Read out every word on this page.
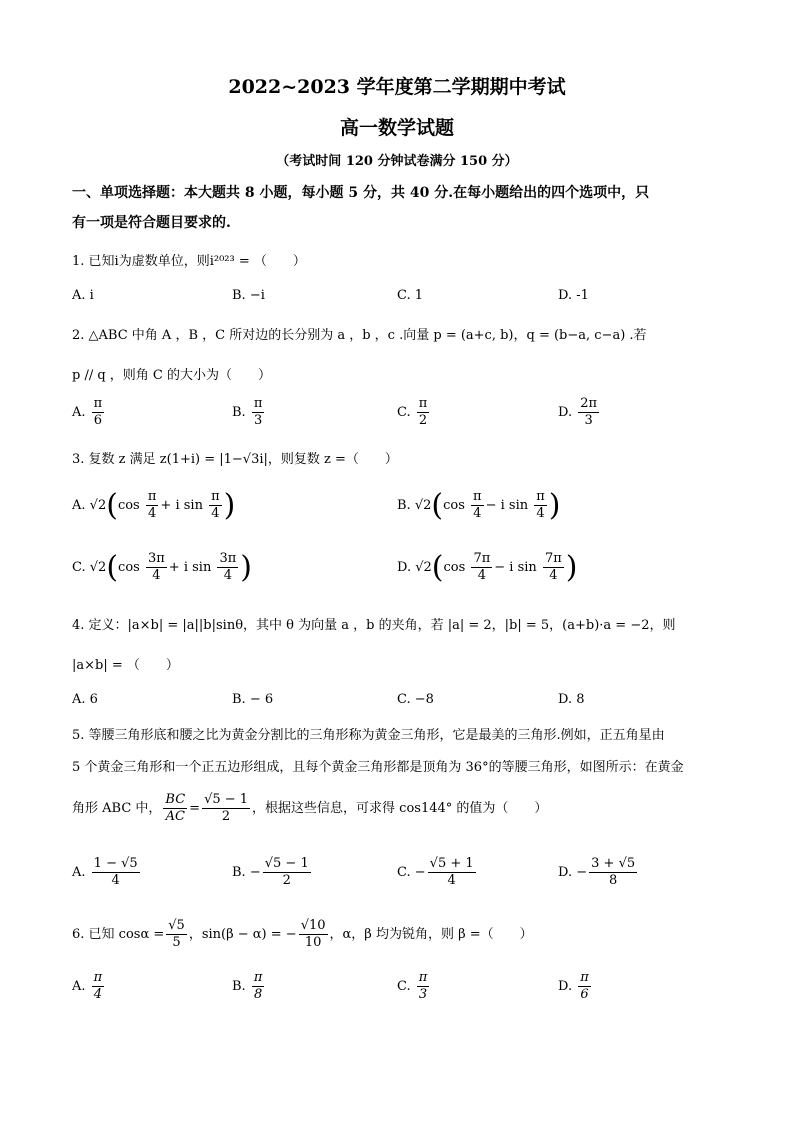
2022~2023 学年度第二学期期中考试
高一数学试题
（考试时间 120 分钟试卷满分 150 分）
一、单项选择题：本大题共 8 小题，每小题 5 分，共 40 分.在每小题给出的四个选项中，只
有一项是符合题目要求的.
1. 已知i为虚数单位，则i²⁰²³ = （　　）
A. i	B. −i	C. 1	D. -1
2. △ABC 中角 A ，B ，C 所对边的长分别为 a ，b ，c .向量 p = (a+c, b)，q = (b−a, c−a) .若
p // q ，则角 C 的大小为（　　）
A. $\frac{\pi}{6}$	B. $\frac{\pi}{3}$	C. $\frac{\pi}{2}$	D. $\frac{2\pi}{3}$
3. 复数 z 满足 z(1+i) = |1−√3i|，则复数 z =（　　）
A. $√2(\cos \frac{\pi}{4} + i$ $\sin \frac{\pi}{4}$ )	B. $√2(\cos \frac{\pi}{4} - i$ $\sin \frac{\pi}{4}$ )
C. $√2(\cos \frac{3\pi}{4} + i$ $\sin \frac{3\pi}{4}$ )	D. $√2(\cos \frac{7\pi}{4} - i$ $\sin \frac{7\pi}{4}$ )
4. 定义：|a×b| = |a||b|sinθ，其中 θ 为向量 a ，b 的夹角，若 |a| = 2，|b| = 5，(a+b)·a = −2，则
|a×b| = （　　）
A. 6	B. − 6	C. −8	D. 8
5. 等腰三角形底和腰之比为黄金分割比的三角形称为黄金三角形，它是最美的三角形.例如，正五角星由
5 个黄金三角形和一个正五边形组成，且每个黄金三角形都是顶角为 36°的等腰三角形，如图所示：在黄金
角形 ABC 中， $\frac{BC}{AC} = \frac{√5 - 1}{2}$ ，根据这些信息，可求得 cos144° 的值为（　　）
A. $\frac{1 - √5}{4}$	B. − $\frac{√5 - 1}{2}$	C. − $\frac{√5 + 1}{4}$	D. − $\frac{3 + √5}{8}$
6. 已知 $\cos\alpha = \frac{√5}{5}$ ，sin(β − α) = − $\frac{√10}{10}$ ，α，β 均为锐角，则 β =（　　）
A. $\frac{\pi}{4}$	B. $\frac{\pi}{8}$	C. $\frac{\pi}{3}$	D. $\frac{\pi}{6}$
